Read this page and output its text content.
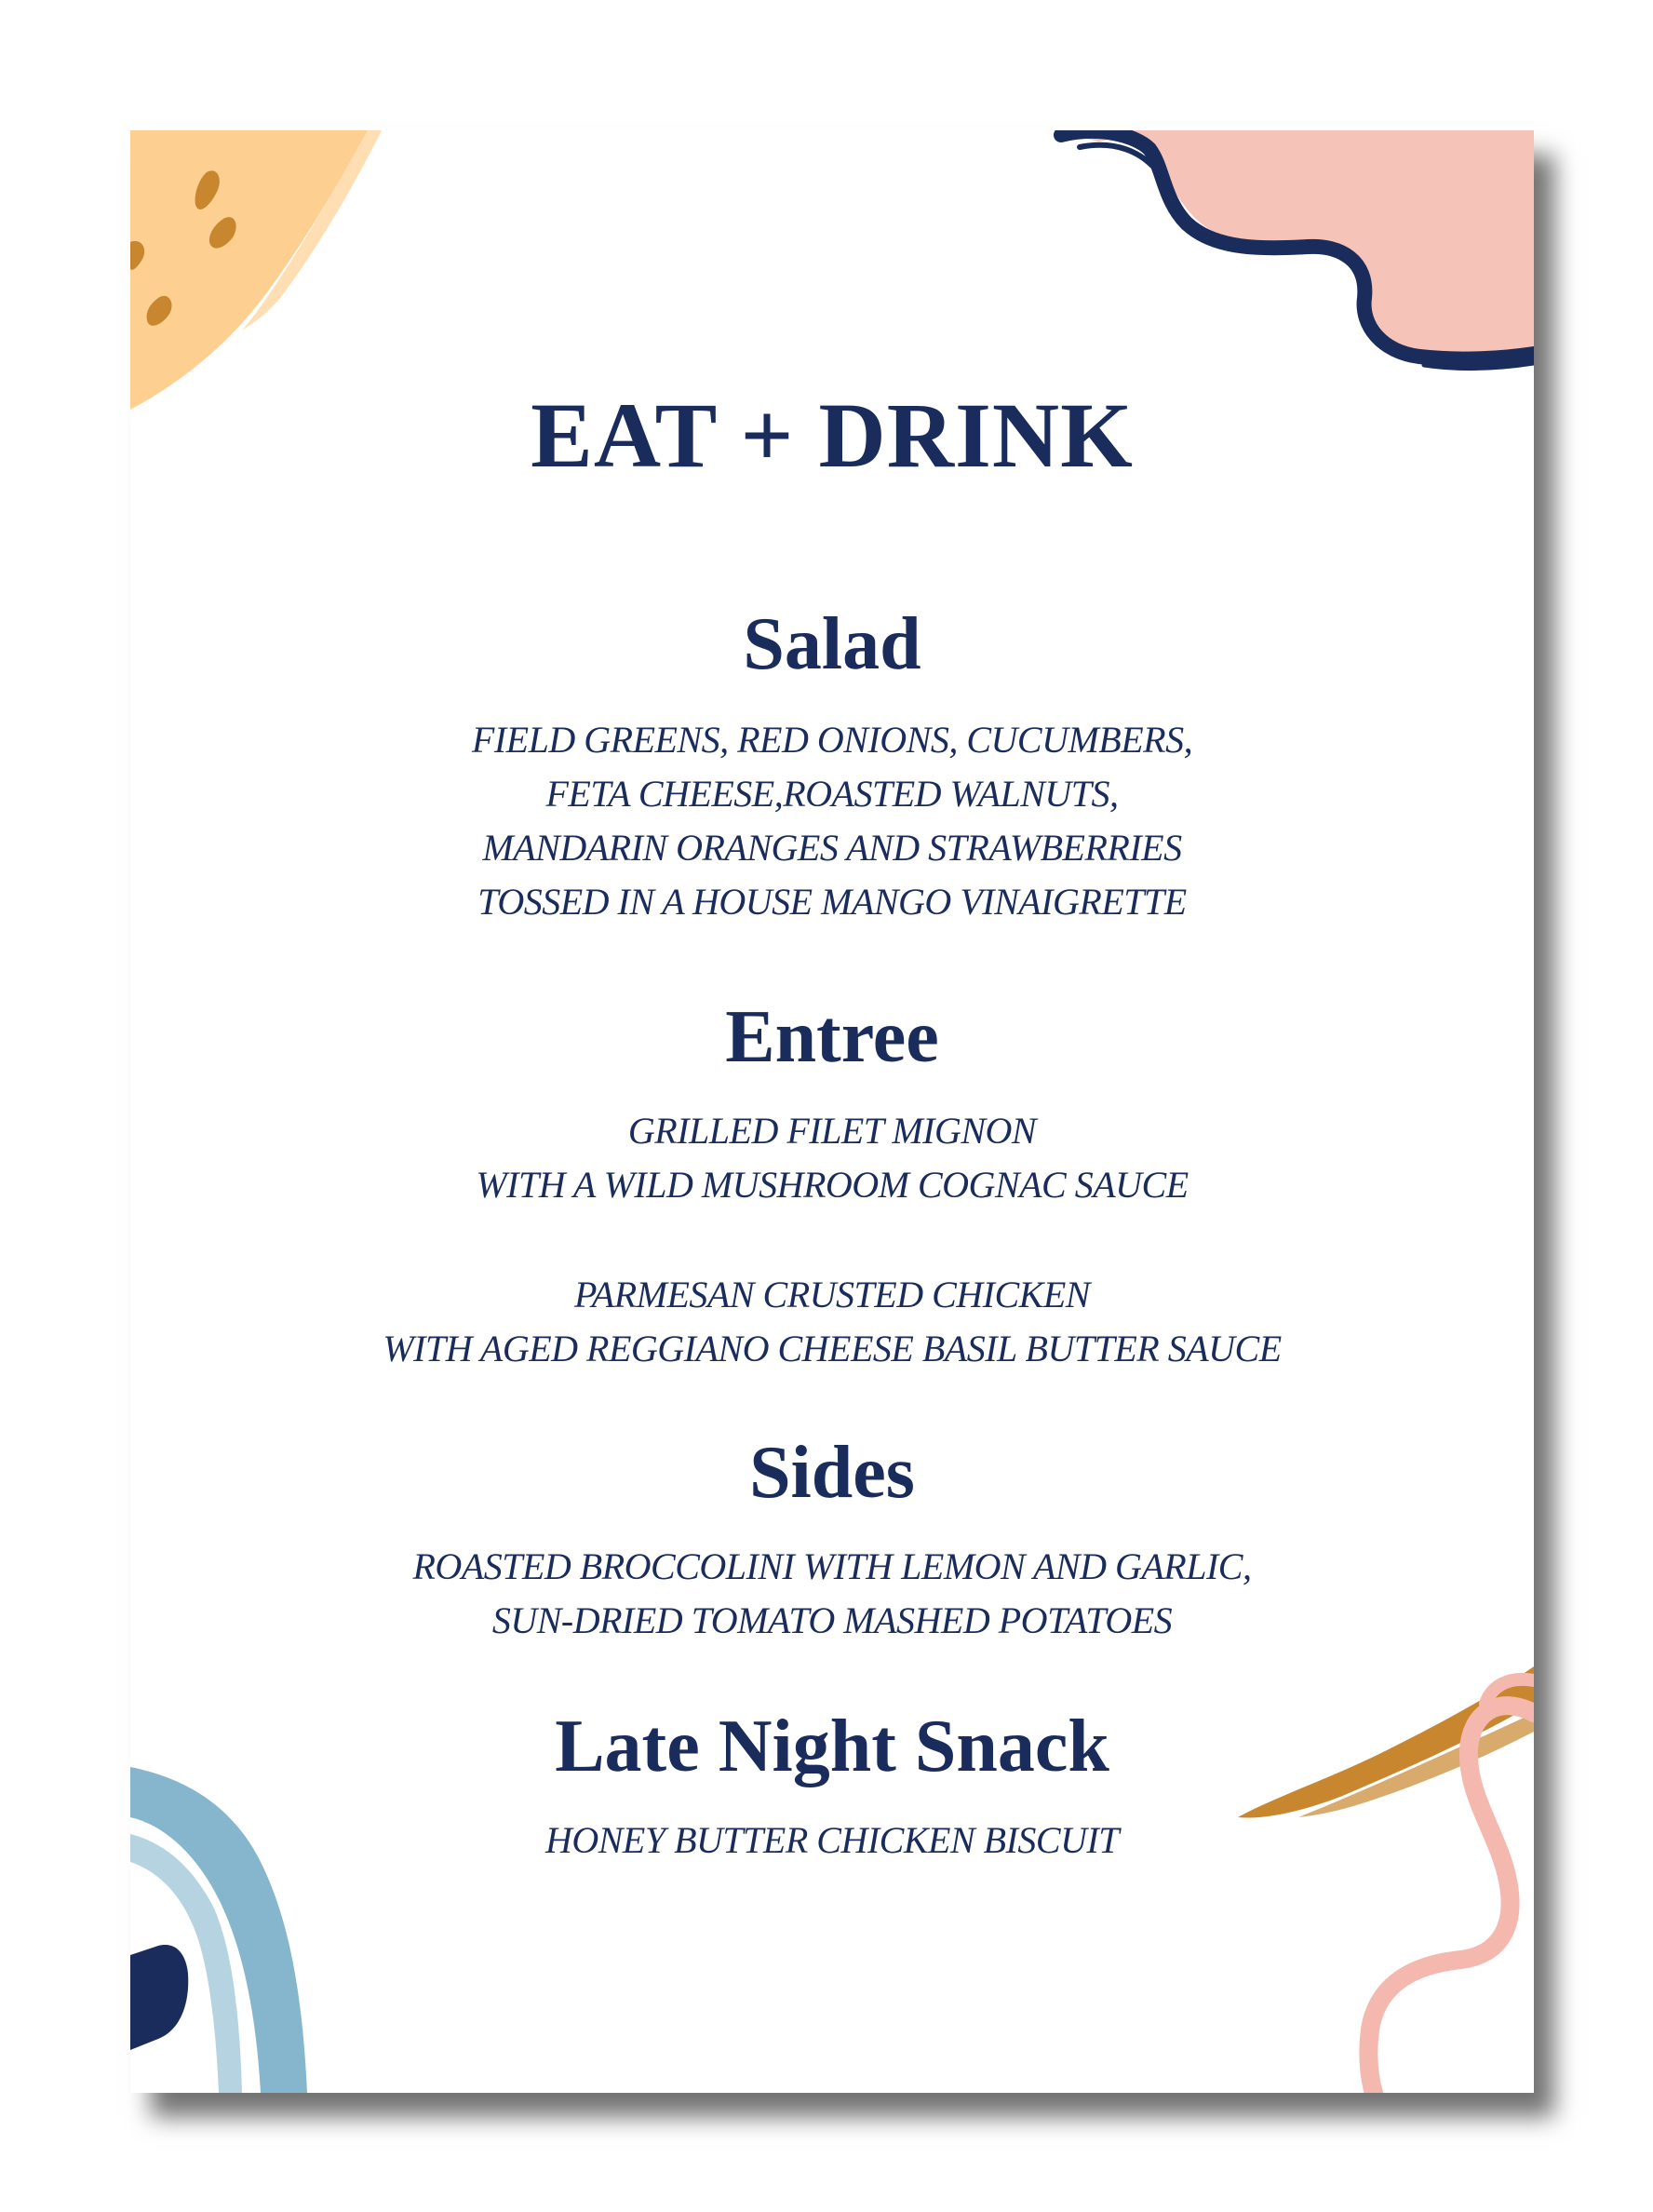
EAT + DRINK
Salad
FIELD GREENS, RED ONIONS, CUCUMBERS,
FETA CHEESE,ROASTED WALNUTS,
MANDARIN ORANGES AND STRAWBERRIES
TOSSED IN A HOUSE MANGO VINAIGRETTE
Entree
GRILLED FILET MIGNON
WITH A WILD MUSHROOM COGNAC SAUCE
PARMESAN CRUSTED CHICKEN
WITH AGED REGGIANO CHEESE BASIL BUTTER SAUCE
Sides
ROASTED BROCCOLINI WITH LEMON AND GARLIC,
SUN-DRIED TOMATO MASHED POTATOES
Late Night Snack
HONEY BUTTER CHICKEN BISCUIT
